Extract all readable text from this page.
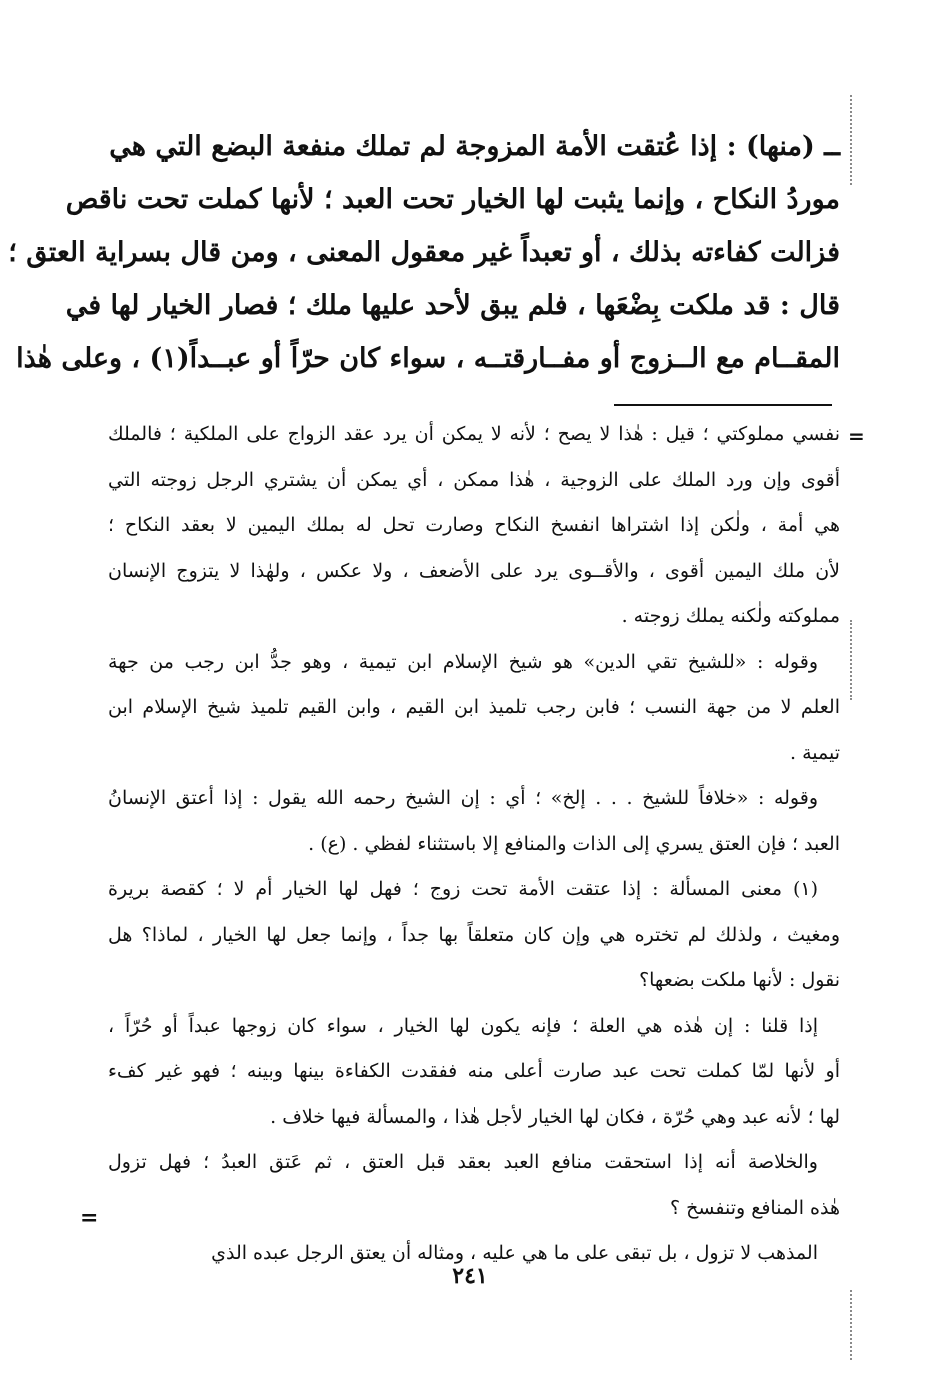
ــ (منها) : إذا عُتقت الأمة المزوجة لم تملك منفعة البضع التي هي
موردُ النكاح ، وإنما يثبت لها الخيار تحت العبد ؛ لأنها كملت تحت ناقص
فزالت كفاءته بذلك ، أو تعبداً غير معقول المعنى ، ومن قال بسراية العتق ؛
قال : قد ملكت بِضْعَها ، فلم يبق لأحد عليها ملك ؛ فصار الخيار لها في
المقــام مع الــزوج أو مفــارقتــه ، سواء كان حرّاً أو عبــداً(١) ، وعلى هٰذا
=
نفسي مملوكتي ؛ قيل : هٰذا لا يصح ؛ لأنه لا يمكن أن يرد عقد الزواج على الملكية ؛ فالملك
أقوى وإن ورد الملك على الزوجية ، هٰذا ممكن ، أي يمكن أن يشتري الرجل زوجته التي
هي أمة ، ولٰكن إذا اشتراها انفسخ النكاح وصارت تحل له بملك اليمين لا بعقد النكاح ؛
لأن ملك اليمين أقوى ، والأقــوى يرد على الأضعف ، ولا عكس ، ولهٰذا لا يتزوج الإنسان
مملوكته ولٰكنه يملك زوجته .
وقوله : «للشيخ تقي الدين» هو شيخ الإسلام ابن تيمية ، وهو جدُّ ابن رجب من جهة
العلم لا من جهة النسب ؛ فابن رجب تلميذ ابن القيم ، وابن القيم تلميذ شيخ الإسلام ابن
تيمية .
وقوله : «خلافاً للشيخ . . . إلخ» ؛ أي : إن الشيخ رحمه الله يقول : إذا أعتق الإنسانُ
العبد ؛ فإن العتق يسري إلى الذات والمنافع إلا باستثناء لفظي . (ع) .
(١) معنى المسألة : إذا عتقت الأمة تحت زوج ؛ فهل لها الخيار أم لا ؛ كقصة بريرة
ومغيث ، ولذلك لم تختره هي وإن كان متعلقاً بها جداً ، وإنما جعل لها الخيار ، لماذا؟ هل
نقول : لأنها ملكت بضعها؟
إذا قلنا : إن هٰذه هي العلة ؛ فإنه يكون لها الخيار ، سواء كان زوجها عبداً أو حُرّاً ،
أو لأنها لمّا كملت تحت عبد صارت أعلى منه ففقدت الكفاءة بينها وبينه ؛ فهو غير كفء
لها ؛ لأنه عبد وهي حُرّة ، فكان لها الخيار لأجل هٰذا ، والمسألة فيها خلاف .
والخلاصة أنه إذا استحقت منافع العبد بعقد قبل العتق ، ثم عَتق العبدُ ؛ فهل تزول
هٰذه المنافع وتنفسخ ؟
المذهب لا تزول ، بل تبقى على ما هي عليه ، ومثاله أن يعتق الرجل عبده الذي
=
٢٤١
